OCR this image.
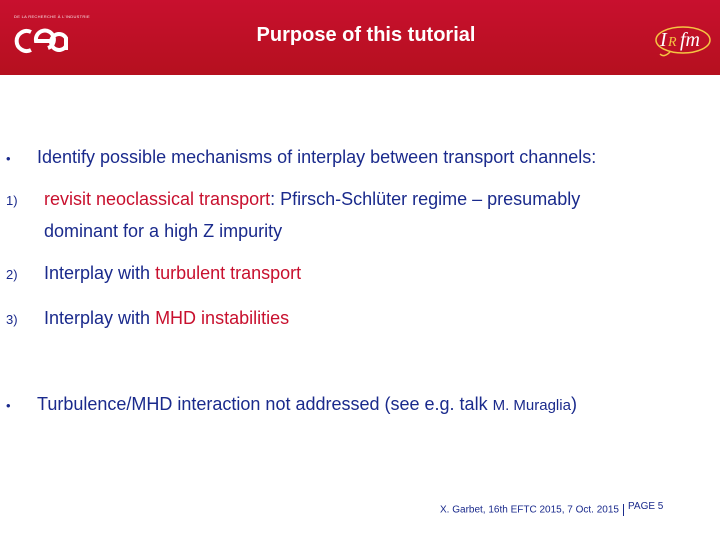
DE LA RECHERCHE À L'INDUSTRIE
Purpose of this tutorial	I R fm
• Identify possible mechanisms of interplay between transport channels:
1) revisit neoclassical transport: Pfirsch-Schlüter regime – presumably
dominant for a high Z impurity
2) Interplay with turbulent transport
3) Interplay with MHD instabilities
• Turbulence/MHD interaction not addressed (see e.g. talk M. Muraglia)
X. Garbet, 16th EFTC 2015, 7 Oct. 2015 PAGE 5
